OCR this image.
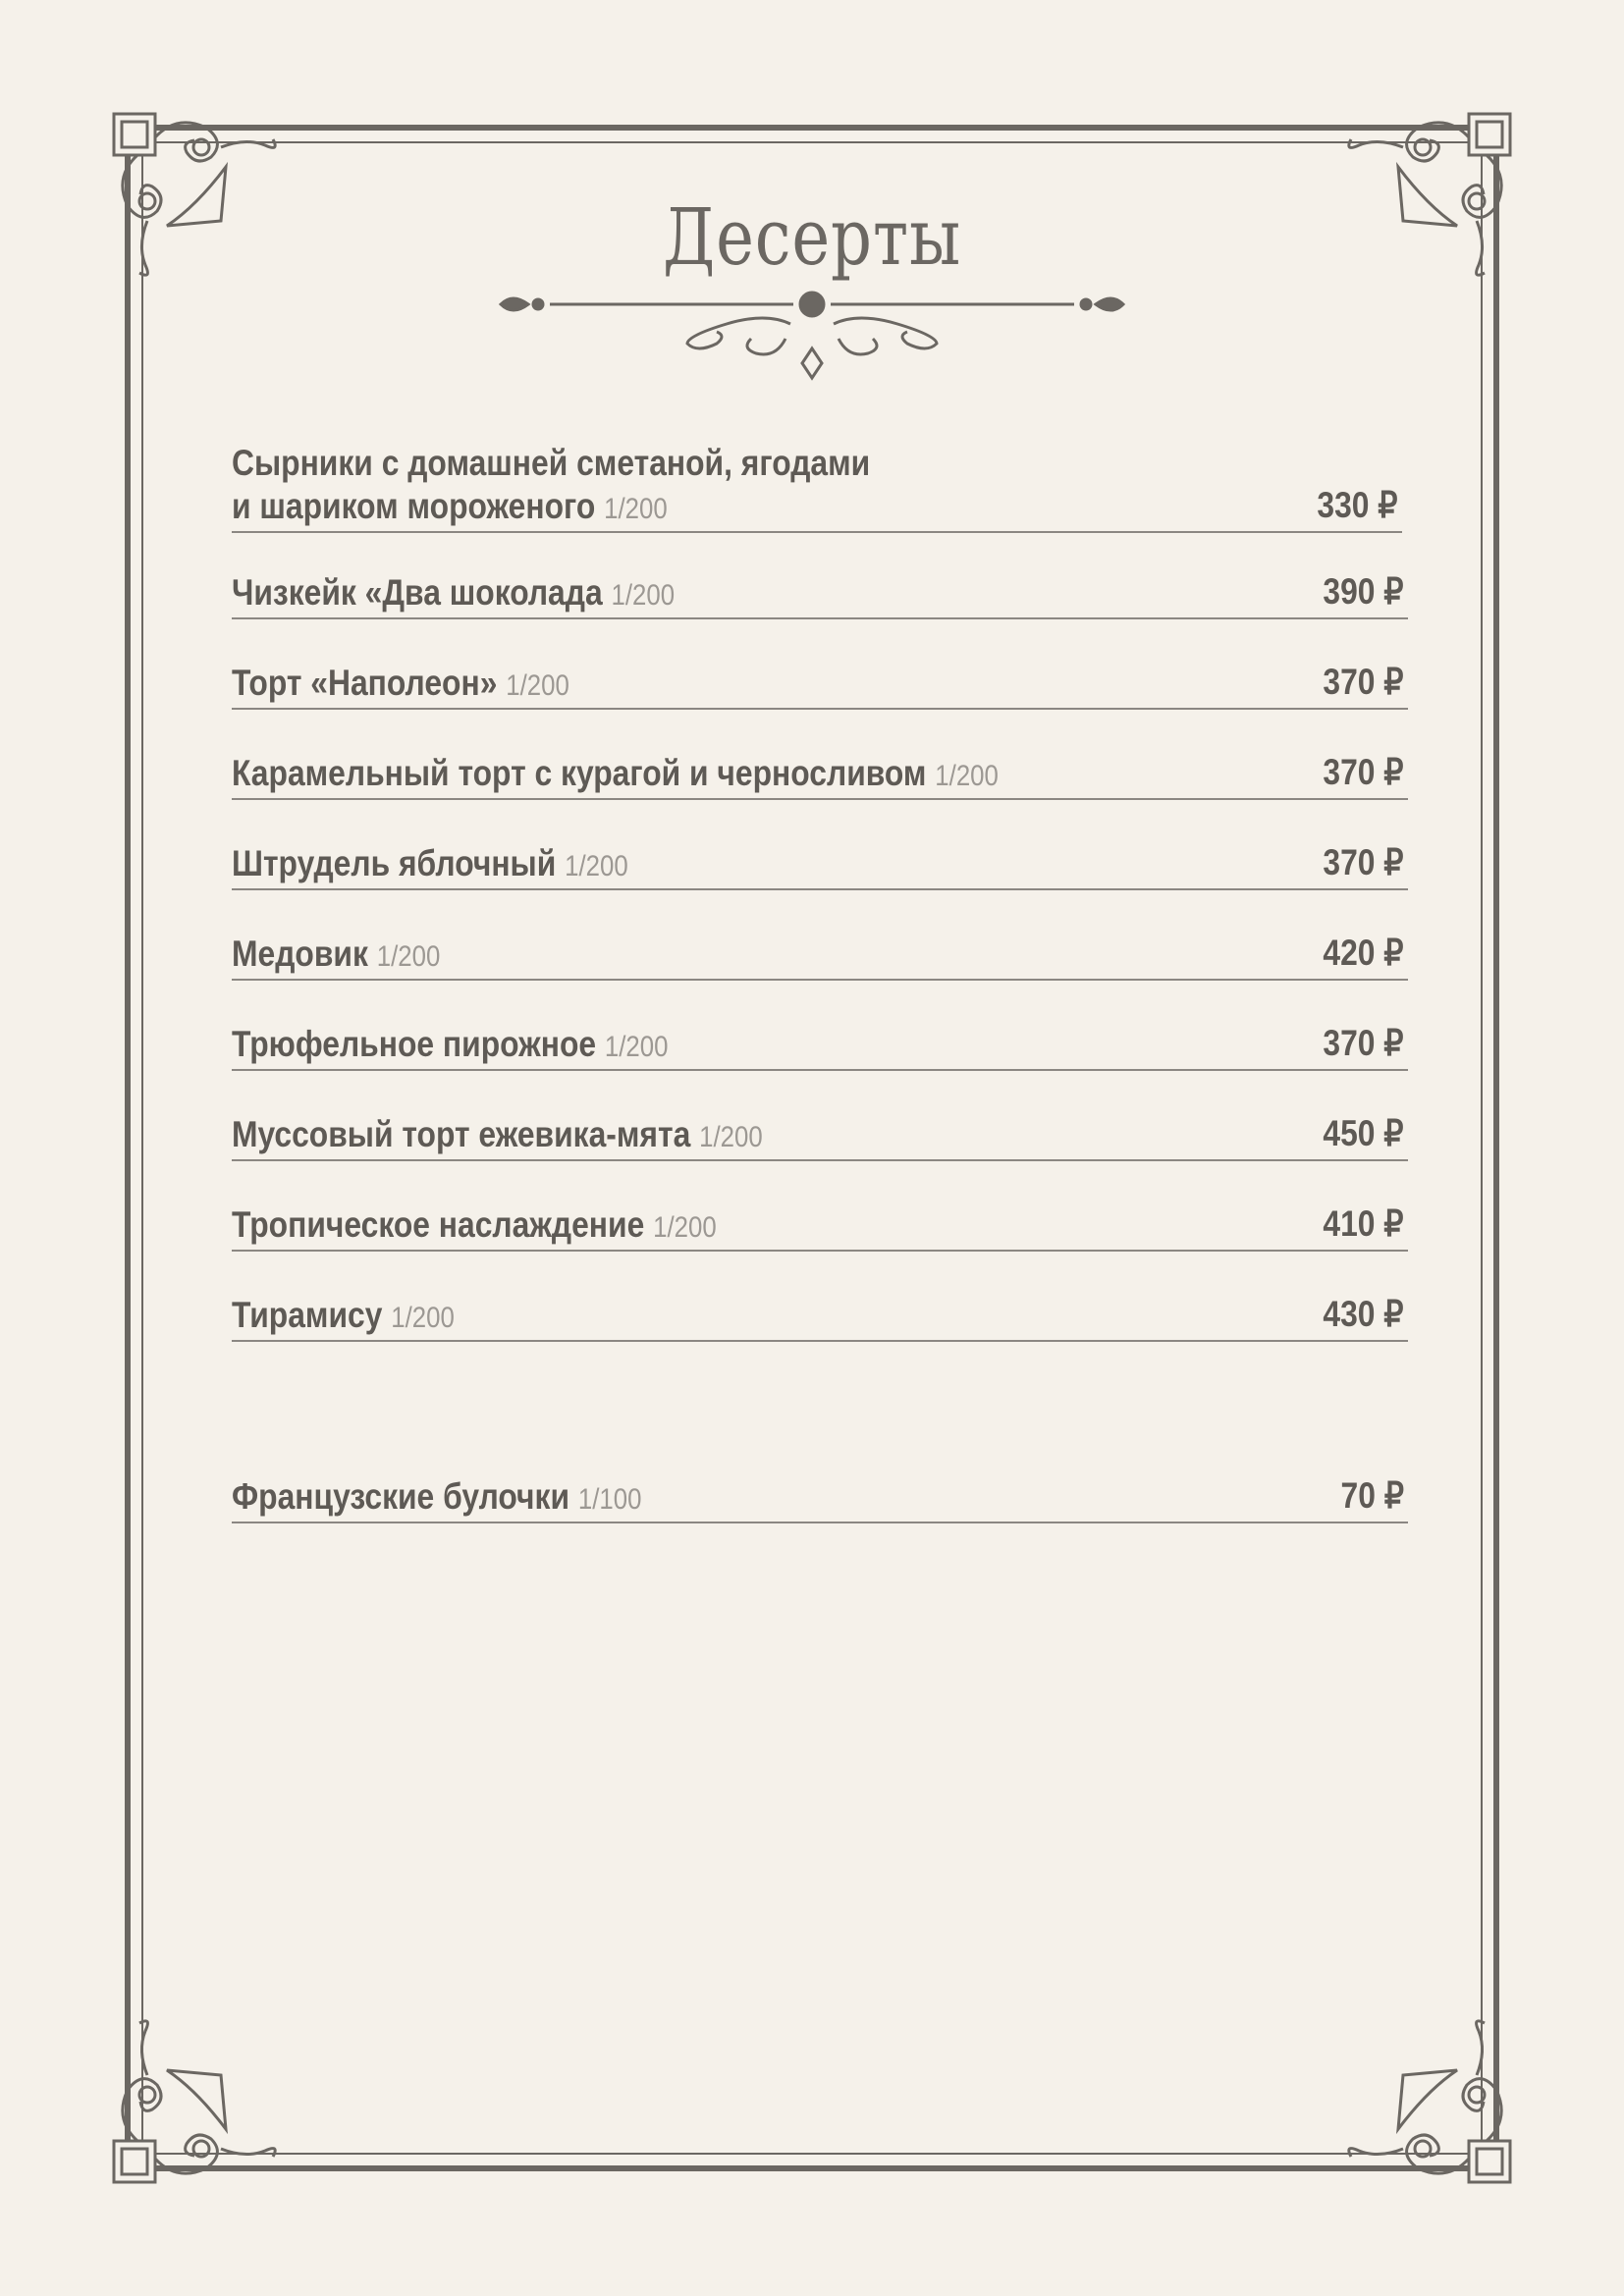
Десерты
Сырники с домашней сметаной, ягодами
и шариком мороженого 1/200	330 ₽
Чизкейк «Два шоколада 1/200	390 ₽
Торт «Наполеон» 1/200	370 ₽
Карамельный торт с курагой и черносливом 1/200	370 ₽
Штрудель яблочный 1/200	370 ₽
Медовик 1/200	420 ₽
Трюфельное пирожное 1/200	370 ₽
Муссовый торт ежевика-мята 1/200	450 ₽
Тропическое наслаждение 1/200	410 ₽
Тирамису 1/200	430 ₽
Французские булочки 1/100	70 ₽
